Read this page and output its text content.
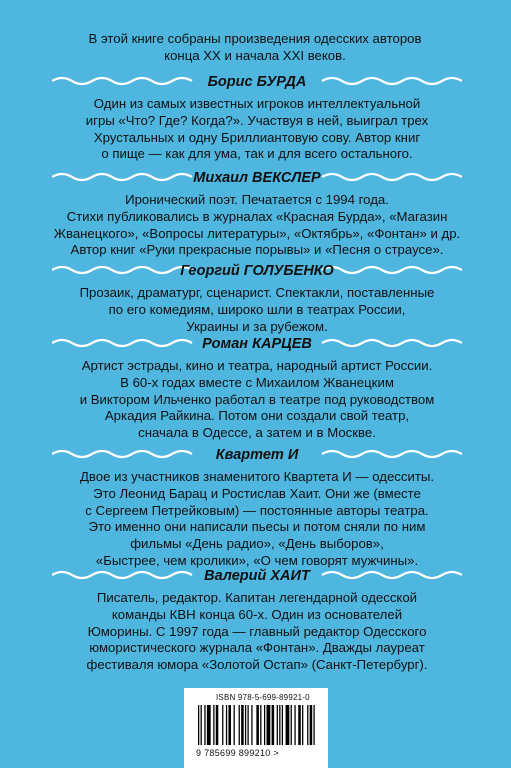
В этой книге собраны произведения одесских авторов
конца XX и начала XXI веков.
Борис БУРДА
Один из самых известных игроков интеллектуальной
игры «Что? Где? Когда?». Участвуя в ней, выиграл трех
Хрустальных и одну Бриллиантовую сову. Автор книг
о пище — как для ума, так и для всего остального.
Михаил ВЕКСЛЕР
Иронический поэт. Печатается с 1994 года.
Стихи публиковались в журналах «Красная Бурда», «Магазин
Жванецкого», «Вопросы литературы», «Октябрь», «Фонтан» и др.
Автор книг «Руки прекрасные порывы» и «Песня о страусе».
Георгий ГОЛУБЕНКО
Прозаик, драматург, сценарист. Спектакли, поставленные
по его комедиям, широко шли в театрах России,
Украины и за рубежом.
Роман КАРЦЕВ
Артист эстрады, кино и театра, народный артист России.
В 60-х годах вместе с Михаилом Жванецким
и Виктором Ильченко работал в театре под руководством
Аркадия Райкина. Потом они создали свой театр,
сначала в Одессе, а затем и в Москве.
Квартет И
Двое из участников знаменитого Квартета И — одесситы.
Это Леонид Барац и Ростислав Хаит. Они же (вместе
с Сергеем Петрейковым) — постоянные авторы театра.
Это именно они написали пьесы и потом сняли по ним
фильмы «День радио», «День выборов»,
«Быстрее, чем кролики», «О чем говорят мужчины».
Валерий ХАИТ
Писатель, редактор. Капитан легендарной одесской
команды КВН конца 60-х. Один из основателей
Юморины. С 1997 года — главный редактор Одесского
юмористического журнала «Фонтан». Дважды лауреат
фестиваля юмора «Золотой Остап» (Санкт-Петербург).
ISBN 978-5-699-89921-0
9 785699 899210 >
